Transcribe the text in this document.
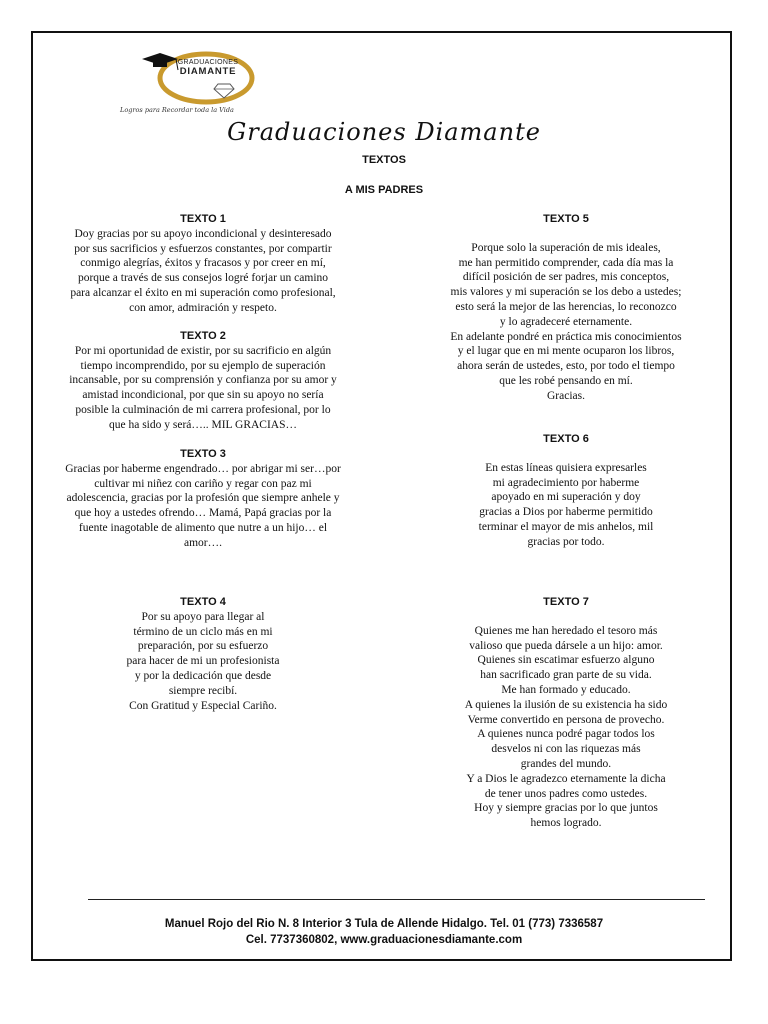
GRADUACIONES
DIAMANTE
Logros para Recordar toda la Vida
Graduaciones Diamante
TEXTOS
A MIS PADRES
TEXTO 1
Doy gracias por su apoyo incondicional y desinteresado
por sus sacrificios y esfuerzos constantes, por compartir
conmigo alegrías, éxitos y fracasos y por creer en mí,
porque a través de sus consejos logré forjar un camino
para alcanzar el éxito en mi superación como profesional,
con amor, admiración y respeto.
TEXTO 2
Por mi oportunidad de existir, por su sacrificio en algún
tiempo incomprendido, por su ejemplo de superación
incansable, por su comprensión y confianza por su amor y
amistad incondicional, por que sin su apoyo no sería
posible la culminación de mi carrera profesional, por lo
que ha sido y será….. MIL GRACIAS…
TEXTO 3
Gracias por haberme engendrado… por abrigar mi ser…por
cultivar mi niñez con cariño y regar con paz mi
adolescencia, gracias por la profesión que siempre anhele y
que hoy a ustedes ofrendo… Mamá, Papá gracias por la
fuente inagotable de alimento que nutre a un hijo… el
amor….
TEXTO 4
Por su apoyo para llegar al
término de un ciclo más en mi
preparación, por su esfuerzo
para hacer de mi un profesionista
y por la dedicación que desde
siempre recibí.
Con Gratitud y Especial Cariño.
TEXTO 5
Porque solo la superación de mis ideales,
me han permitido comprender, cada día mas la
difícil posición de ser padres, mis conceptos,
mis valores y mi superación se los debo a ustedes;
esto será la mejor de las herencias, lo reconozco
y lo agradeceré eternamente.
En adelante pondré en práctica mis conocimientos
y el lugar que en mi mente ocuparon los libros,
ahora serán de ustedes, esto, por todo el tiempo
que les robé pensando en mí.
Gracias.
TEXTO 6
En estas líneas quisiera expresarles
mi agradecimiento por haberme
apoyado en mi superación y doy
gracias a Dios por haberme permitido
terminar el mayor de mis anhelos, mil
gracias por todo.
TEXTO 7
Quienes me han heredado el tesoro más
valioso que pueda dársele a un hijo: amor.
Quienes sin escatimar esfuerzo alguno
han sacrificado gran parte de su vida.
Me han formado y educado.
A quienes la ilusión de su existencia ha sido
Verme convertido en persona de provecho.
A quienes nunca podré pagar todos los
desvelos ni con las riquezas más
grandes del mundo.
Y a Dios le agradezco eternamente la dicha
de tener unos padres como ustedes.
Hoy y siempre gracias por lo que juntos
hemos logrado.
Manuel Rojo del Rio N. 8 Interior 3 Tula de Allende Hidalgo. Tel. 01 (773) 7336587
Cel. 7737360802, www.graduacionesdiamante.com
